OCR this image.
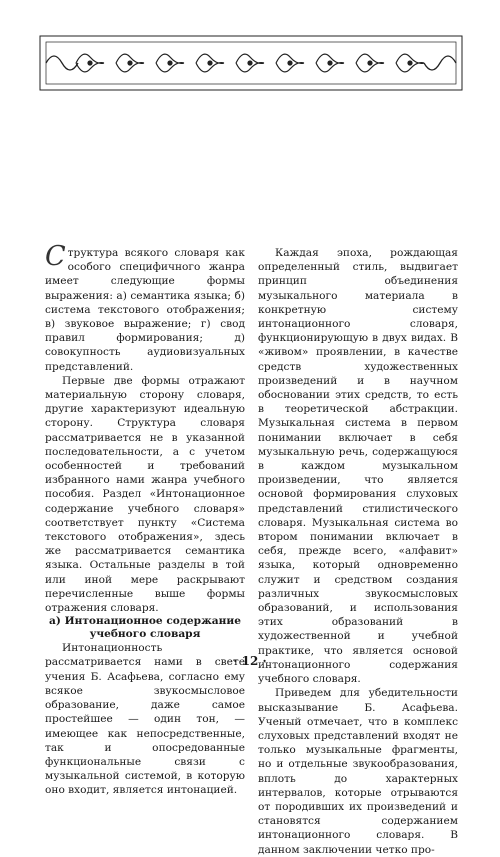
Структура всякого словаря как особого специфичного жанра имеет следующие формы выражения: а) семантика языка; б) система текстового отображения; в) звуковое выражение; г) свод правил формирования; д) совокупность аудиовизуальных представлений.

Первые две формы отражают материальную сторону словаря, другие характеризуют идеальную сторону. Структура словаря рассматривается не в указанной последовательности, а с учетом особенностей и требований избранного нами жанра учебного пособия. Раздел «Интонационное содержание учебного словаря» соответствует пункту «Система текстового отображения», здесь же рассматривается семантика языка. Остальные разделы в той или иной мере раскрывают перечисленные выше формы отражения словаря.

а) Интонационное содержание учебного словаря

Интонационность рассматривается нами в свете учения Б. Асафьева, согласно ему всякое звукосмысловое образование, даже самое простейшее — один тон, — имеющее как непосредственные, так и опосредованные функциональные связи с музыкальной системой, в которую оно входит, является интонацией.

Каждая эпоха, рождающая определенный стиль, выдвигает принцип объединения музыкального материала в конкретную систему интонационного словаря, функционирующую в двух видах. В «живом» проявлении, в качестве средств художественных произведений и в научном обосновании этих средств, то есть в теоретической абстракции. Музыкальная система в первом понимании включает в себя музыкальную речь, содержащуюся в каждом музыкальном произведении, что является основой формирования слуховых представлений стилистического словаря. Музыкальная система во втором понимании включает в себя, прежде всего, «алфавит» языка, который одновременно служит и средством создания различных звукосмысловых образований, и использования этих образований в художественной и учебной практике, что является основой интонационного содержания учебного словаря.

Приведем для убедительности высказывание Б. Асафьева. Ученый отмечает, что в комплекс слуховых представлений входят не только музыкальные фрагменты, но и отдельные звукообразования, вплоть до характерных интервалов, которые отрываются от породивших их произведений и становятся содержанием интонационного словаря. В данном заключении четко про-

· 12 ·
